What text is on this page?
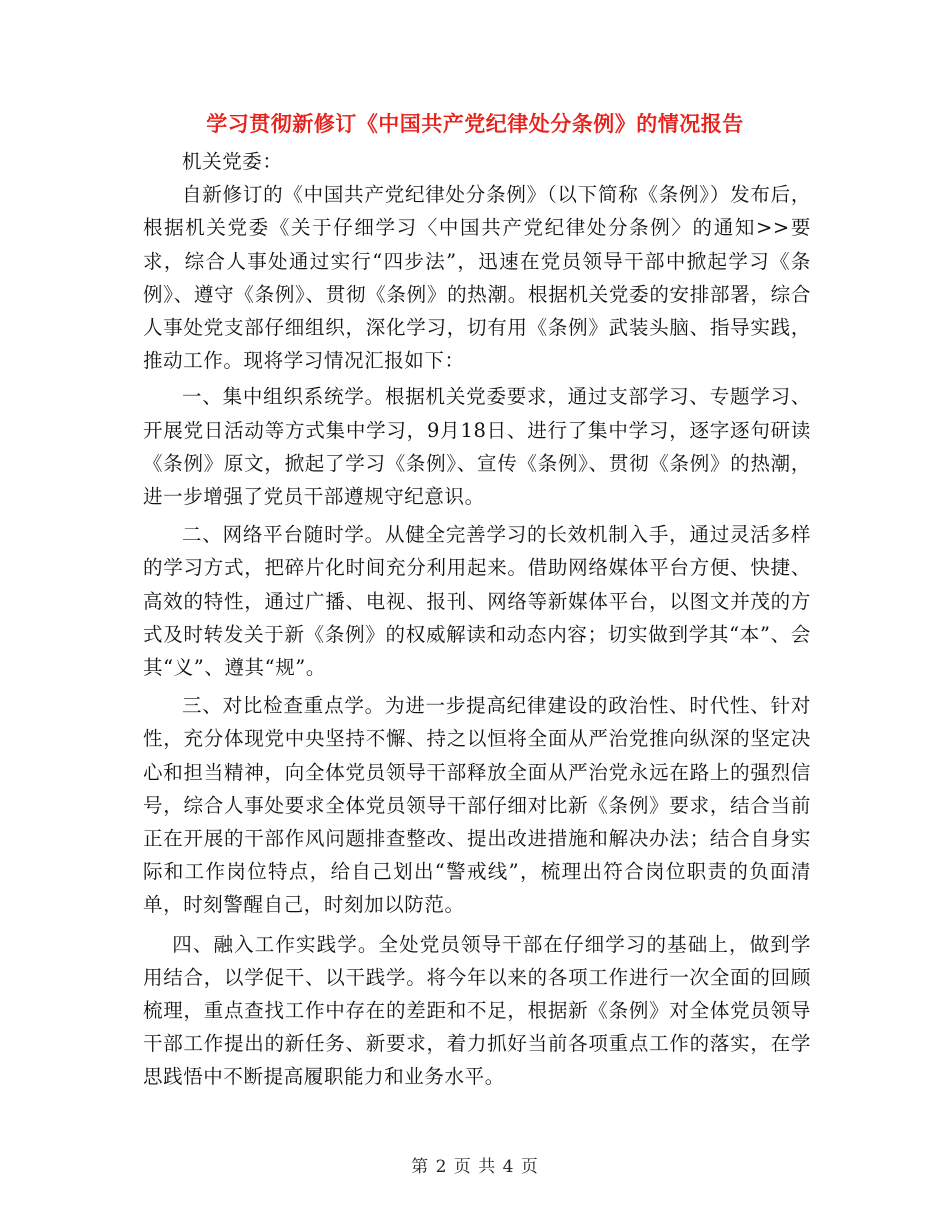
学习贯彻新修订《中国共产党纪律处分条例》的情况报告

机关党委：

自新修订的《中国共产党纪律处分条例》（以下简称《条例》）发布后，根据机关党委《关于仔细学习〈中国共产党纪律处分条例〉的通知>>要求，综合人事处通过实行“四步法”，迅速在党员领导干部中掀起学习《条例》、遵守《条例》、贯彻《条例》的热潮。根据机关党委的安排部署，综合人事处党支部仔细组织，深化学习，切有用《条例》武装头脑、指导实践，推动工作。现将学习情况汇报如下：

一、集中组织系统学。根据机关党委要求，通过支部学习、专题学习、开展党日活动等方式集中学习，9月18日、进行了集中学习，逐字逐句研读《条例》原文，掀起了学习《条例》、宣传《条例》、贯彻《条例》的热潮，进一步增强了党员干部遵规守纪意识。

二、网络平台随时学。从健全完善学习的长效机制入手，通过灵活多样的学习方式，把碎片化时间充分利用起来。借助网络媒体平台方便、快捷、高效的特性，通过广播、电视、报刊、网络等新媒体平台，以图文并茂的方式及时转发关于新《条例》的权威解读和动态内容；切实做到学其“本”、会其“义”、遵其“规”。

三、对比检查重点学。为进一步提高纪律建设的政治性、时代性、针对性，充分体现党中央坚持不懈、持之以恒将全面从严治党推向纵深的坚定决心和担当精神，向全体党员领导干部释放全面从严治党永远在路上的强烈信号，综合人事处要求全体党员领导干部仔细对比新《条例》要求，结合当前正在开展的干部作风问题排查整改、提出改进措施和解决办法；结合自身实际和工作岗位特点，给自己划出“警戒线”，梳理出符合岗位职责的负面清单，时刻警醒自己，时刻加以防范。

四、融入工作实践学。全处党员领导干部在仔细学习的基础上，做到学用结合，以学促干、以干践学。将今年以来的各项工作进行一次全面的回顾梳理，重点查找工作中存在的差距和不足，根据新《条例》对全体党员领导干部工作提出的新任务、新要求，着力抓好当前各项重点工作的落实，在学思践悟中不断提高履职能力和业务水平。

第 2 页 共 4 页
